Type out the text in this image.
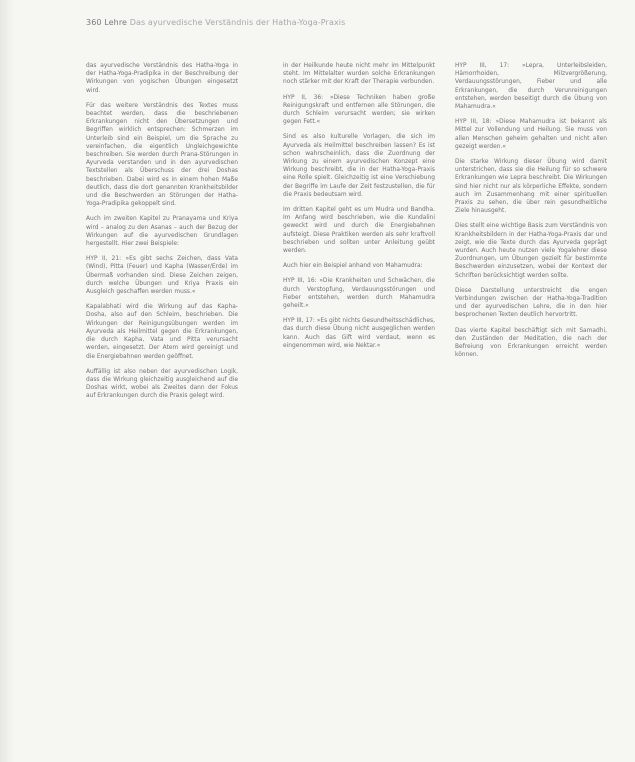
360 Lehre Das ayurvedische Verständnis der Hatha-Yoga-Praxis

das ayurvedische Verständnis des Hatha-Yoga in der Hatha-Yoga-Pradipika in der Beschreibung der Wirkungen von yogischen Übungen eingesetzt wird.

Für das weitere Verständnis des Textes muss beachtet werden, dass die beschriebenen Erkrankungen nicht den Übersetzungen und Begriffen wirklich entsprechen: Schmerzen im Unterleib sind ein Beispiel, um die Sprache zu vereinfachen, die eigentlich Ungleichgewichte beschreiben. Sie werden durch Prana-Störungen in Ayurveda verstanden und in den ayurvedischen Textstellen als Überschuss der drei Doshas beschrieben. Dabei wird es in einem hohen Maße deutlich, dass die dort genannten Krankheitsbilder und die Beschwerden an Störungen der Hatha-Yoga-Pradipika gekoppelt sind.

Auch im zweiten Kapitel zu Pranayama und Kriya wird – analog zu den Asanas – auch der Bezug der Wirkungen auf die ayurvedischen Grundlagen hergestellt. Hier zwei Beispiele:

HYP II, 21: »Es gibt sechs Zeichen, dass Vata (Wind), Pitta (Feuer) und Kapha (Wasser/Erde) im Übermaß vorhanden sind. Diese Zeichen zeigen, durch welche Übungen und Kriya Praxis ein Ausgleich geschaffen werden muss.«

Kapalabhati wird die Wirkung auf das Kapha-Dosha, also auf den Schleim, beschrieben. Die Wirkungen der Reinigungsübungen werden im Ayurveda als Heilmittel gegen die Erkrankungen, die durch Kapha, Vata und Pitta verursacht werden, eingesetzt. Der Atem wird gereinigt und die Energiebahnen werden geöffnet.

Auffällig ist also neben der ayurvedischen Logik, dass die Wirkung gleichzeitig ausgleichend auf die Doshas wirkt, wobei als Zweites dann der Fokus auf Erkrankungen durch die Praxis gelegt wird.

in der Heilkunde heute nicht mehr im Mittelpunkt steht. Im Mittelalter wurden solche Erkrankungen noch stärker mit der Kraft der Therapie verbunden.

HYP II, 36: »Diese Techniken haben große Reinigungskraft und entfernen alle Störungen, die durch Schleim verursacht werden; sie wirken gegen Fett.«

Sind es also kulturelle Vorlagen, die sich im Ayurveda als Heilmittel beschreiben lassen? Es ist schon wahrscheinlich, dass die Zuordnung der Wirkung zu einem ayurvedischen Konzept eine Wirkung beschreibt, die in der Hatha-Yoga-Praxis eine Rolle spielt. Gleichzeitig ist eine Verschiebung der Begriffe im Laufe der Zeit festzustellen, die für die Praxis bedeutsam wird.

Im dritten Kapitel geht es um Mudra und Bandha. Im Anfang wird beschrieben, wie die Kundalini geweckt wird und durch die Energiebahnen aufsteigt. Diese Praktiken werden als sehr kraftvoll beschrieben und sollten unter Anleitung geübt werden.

Auch hier ein Beispiel anhand von Mahamudra:

HYP III, 16: »Die Krankheiten und Schwächen, die durch Verstopfung, Verdauungsstörungen und Fieber entstehen, werden durch Mahamudra geheilt.«

HYP III, 17: »Es gibt nichts Gesundheitsschädliches, das durch diese Übung nicht ausgeglichen werden kann. Auch das Gift wird verdaut, wenn es eingenommen wird, wie Nektar.«

HYP III, 17: »Lepra, Unterleibsleiden, Hämorrhoiden, Milzvergrößerung, Verdauungsstörungen, Fieber und alle Erkrankungen, die durch Verunreinigungen entstehen, werden beseitigt durch die Übung von Mahamudra.«

HYP III, 18: »Diese Mahamudra ist bekannt als Mittel zur Vollendung und Heilung. Sie muss von allen Menschen geheim gehalten und nicht allen gezeigt werden.«

Die starke Wirkung dieser Übung wird damit unterstrichen, dass sie die Heilung für so schwere Erkrankungen wie Lepra beschreibt. Die Wirkungen sind hier nicht nur als körperliche Effekte, sondern auch im Zusammenhang mit einer spirituellen Praxis zu sehen, die über rein gesundheitliche Ziele hinausgeht.

Dies stellt eine wichtige Basis zum Verständnis von Krankheitsbildern in der Hatha-Yoga-Praxis dar und zeigt, wie die Texte durch das Ayurveda geprägt wurden. Auch heute nutzen viele Yogalehrer diese Zuordnungen, um Übungen gezielt für bestimmte Beschwerden einzusetzen, wobei der Kontext der Schriften berücksichtigt werden sollte.

Diese Darstellung unterstreicht die engen Verbindungen zwischen der Hatha-Yoga-Tradition und der ayurvedischen Lehre, die in den hier besprochenen Texten deutlich hervortritt.

Das vierte Kapitel beschäftigt sich mit Samadhi, den Zuständen der Meditation, die nach der Befreiung von Erkrankungen erreicht werden können.
